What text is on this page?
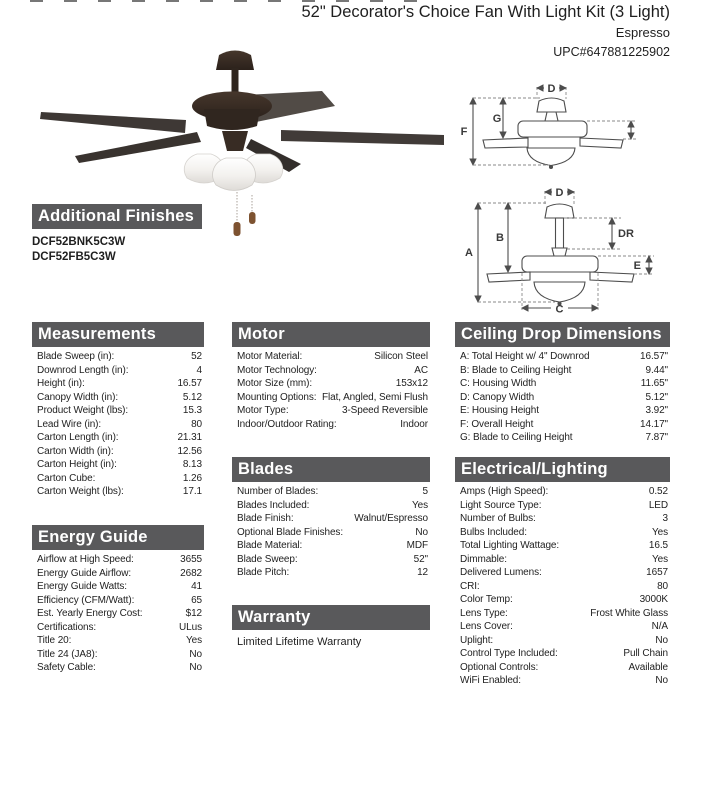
52" Decorator's Choice Fan With Light Kit (3 Light)
Espresso
UPC#647881225902
D
G
F
D
A
B	DR
E
C
Additional Finishes
DCF52BNK5C3W
DCF52FB5C3W
Measurements
Blade Sweep (in):	52
Downrod Length (in):	4
Height (in):	16.57
Canopy Width (in):	5.12
Product Weight (lbs):	15.3
Lead Wire (in):	80
Carton Length (in):	21.31
Carton Width (in):	12.56
Carton Height (in):	8.13
Carton Cube:	1.26
Carton Weight (lbs):	17.1
Energy Guide
Airflow at High Speed:	3655
Energy Guide Airflow:	2682
Energy Guide Watts:	41
Efficiency (CFM/Watt):	65
Est. Yearly Energy Cost:	$12
Certifications:	ULus
Title 20:	Yes
Title 24 (JA8):	No
Safety Cable:	No
Motor
Motor Material:	Silicon Steel
Motor Technology:	AC
Motor Size (mm):	153x12
Mounting Options: Flat, Angled, Semi Flush
Motor Type:	3-Speed Reversible
Indoor/Outdoor Rating:	Indoor
Blades
Number of Blades:	5
Blades Included:	Yes
Blade Finish:	Walnut/Espresso
Optional Blade Finishes:	No
Blade Material:	MDF
Blade Sweep:	52"
Blade Pitch:	12
Warranty
Limited Lifetime Warranty
Ceiling Drop Dimensions
A: Total Height w/ 4" Downrod	16.57"
B: Blade to Ceiling Height	9.44"
C: Housing Width	11.65"
D: Canopy Width	5.12"
E: Housing Height	3.92"
F: Overall Height	14.17"
G: Blade to Ceiling Height	7.87"
Electrical/Lighting
Amps (High Speed):	0.52
Light Source Type:	LED
Number of Bulbs:	3
Bulbs Included:	Yes
Total Lighting Wattage:	16.5
Dimmable:	Yes
Delivered Lumens:	1657
CRI:	80
Color Temp:	3000K
Lens Type:	Frost White Glass
Lens Cover:	N/A
Uplight:	No
Control Type Included:	Pull Chain
Optional Controls:	Available
WiFi Enabled:	No
